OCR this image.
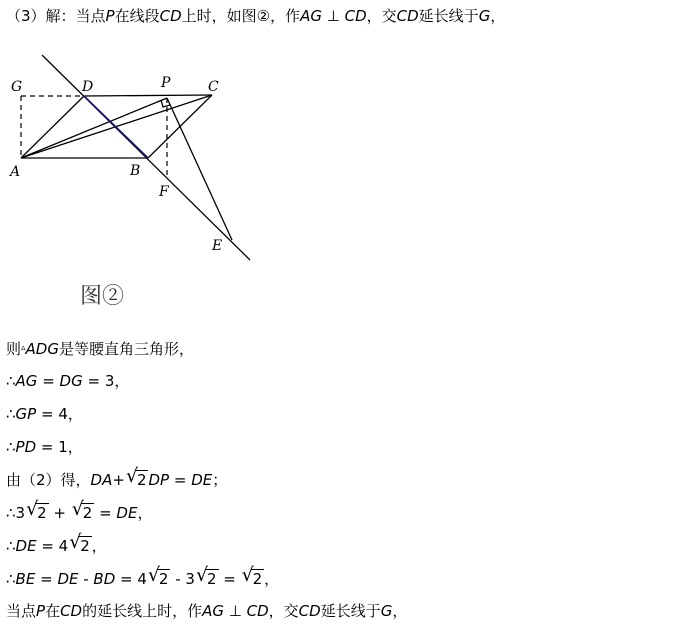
（3）解：当点P在线段CD上时，如图②，作AG ⊥ CD，交CD延长线于G，
G	D	P	C
A	B
F
E
图②
则▵ADG是等腰直角三角形，
∴AG = DG = 3，
∴GP = 4，
∴PD = 1，
由（2）得，DA+ √
2 DP = DE；
∴3 √
2 + √
2 = DE，
∴DE = 4 √
2 ，
∴BE = DE - BD = 4 √
2 - 3 √
2 = √
2 ，
当点P在CD的延长线上时，作AG ⊥ CD，交CD延长线于G，
